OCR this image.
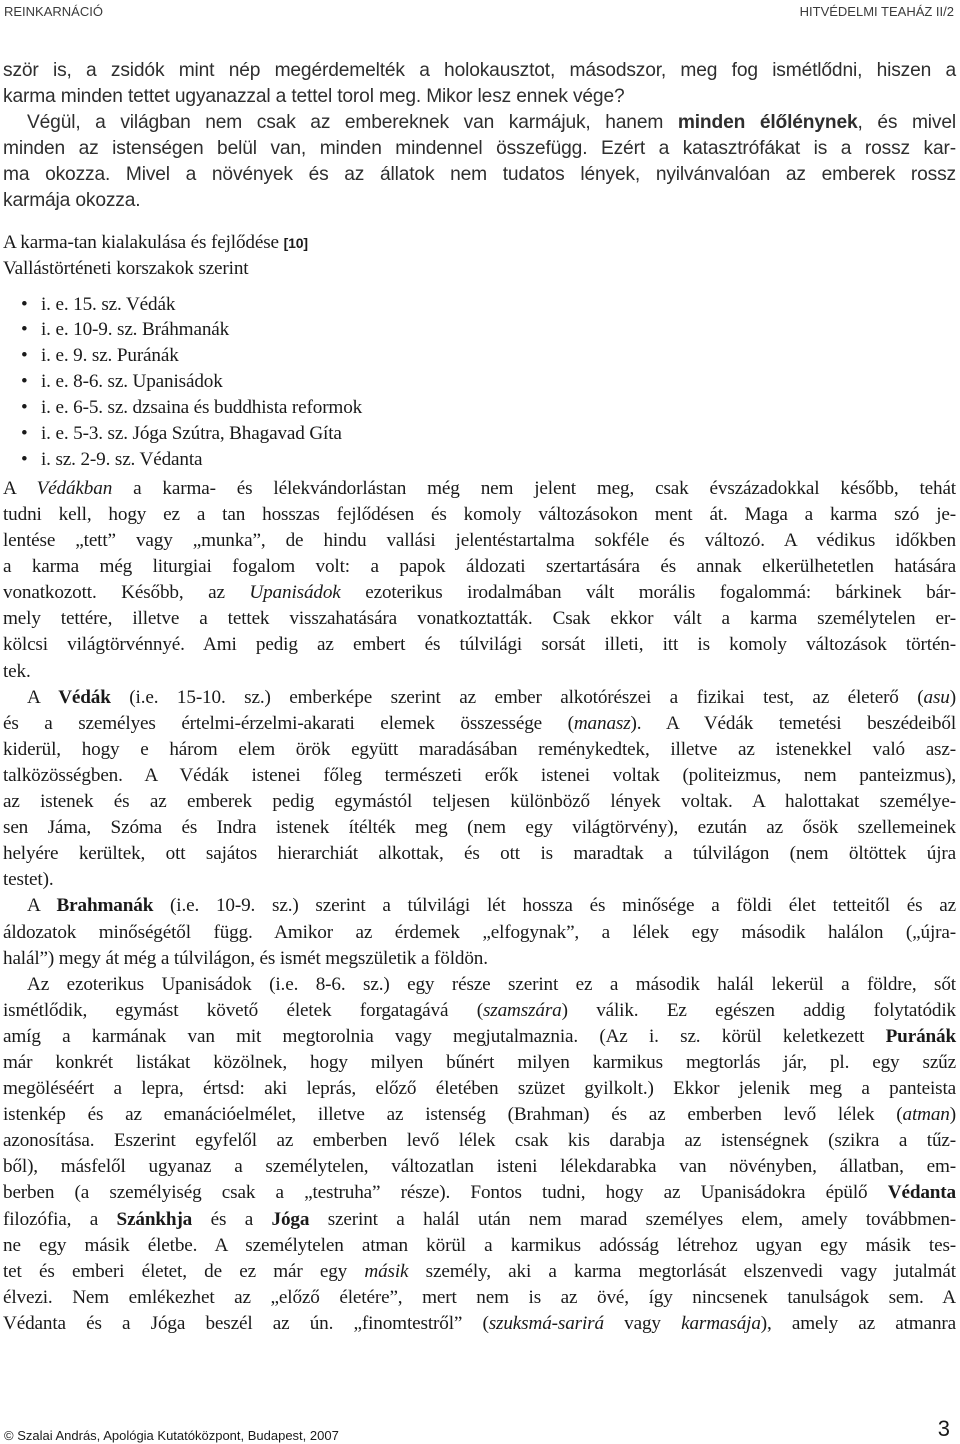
REINKARNÁCIÓ	HITVÉDELMI TEAHÁZ II/2

ször is, a zsidók mint nép megérdemelték a holokausztot, másodszor, meg fog ismétlődni, hiszen a

karma minden tettet ugyanazzal a tettel torol meg. Mikor lesz ennek vége?

Végül, a világban nem csak az embereknek van karmájuk, hanem minden élőlénynek, és mivel

minden az istenségen belül van, minden mindennel összefügg. Ezért a katasztrófákat is a rossz kar-

ma okozza. Mivel a növények és az állatok nem tudatos lények, nyilvánvalóan az emberek rossz

karmája okozza.

A karma-tan kialakulása és fejlődése [10]

Vallástörténeti korszakok szerint

• i. e. 15. sz. Védák
• i. e. 10-9. sz. Bráhmanák
• i. e. 9. sz. Puránák
• i. e. 8-6. sz. Upanisádok
• i. e. 6-5. sz. dzsaina és buddhista reformok
• i. e. 5-3. sz. Jóga Szútra, Bhagavad Gíta
• i. sz. 2-9. sz. Védanta

A Védákban a karma- és lélekvándorlástan még nem jelent meg, csak évszázadokkal később, tehát

tudni kell, hogy ez a tan hosszas fejlődésen és komoly változásokon ment át. Maga a karma szó je-

lentése „tett” vagy „munka”, de hindu vallási jelentéstartalma sokféle és változó. A védikus időkben

a karma még liturgiai fogalom volt: a papok áldozati szertartására és annak elkerülhetetlen hatására

vonatkozott. Később, az Upanisádok ezoterikus irodalmában vált morális fogalommá: bárkinek bár-

mely tettére, illetve a tettek visszahatására vonatkoztatták. Csak ekkor vált a karma személytelen er-

kölcsi világtörvénnyé. Ami pedig az embert és túlvilági sorsát illeti, itt is komoly változások történ-

tek.

A Védák (i.e. 15-10. sz.) emberképe szerint az ember alkotórészei a fizikai test, az életerő (asu)

és a személyes értelmi-érzelmi-akarati elemek összessége (manasz). A Védák temetési beszédeiből

kiderül, hogy e három elem örök együtt maradásában reménykedtek, illetve az istenekkel való asz-

talközösségben. A Védák istenei főleg természeti erők istenei voltak (politeizmus, nem panteizmus),

az istenek és az emberek pedig egymástól teljesen különböző lények voltak. A halottakat személye-

sen Jáma, Szóma és Indra istenek ítélték meg (nem egy világtörvény), ezután az ősök szellemeinek

helyére kerültek, ott sajátos hierarchiát alkottak, és ott is maradtak a túlvilágon (nem öltöttek újra

testet).

A Brahmanák (i.e. 10-9. sz.) szerint a túlvilági lét hossza és minősége a földi élet tetteitől és az

áldozatok minőségétől függ. Amikor az érdemek „elfogynak”, a lélek egy második halálon („újra-

halál”) megy át még a túlvilágon, és ismét megszületik a földön.

Az ezoterikus Upanisádok (i.e. 8-6. sz.) egy része szerint ez a második halál lekerül a földre, sőt

ismétlődik, egymást követő életek forgatagává (szamszára) válik. Ez egészen addig folytatódik

amíg a karmának van mit megtorolnia vagy megjutalmaznia. (Az i. sz. körül keletkezett Puránák

már konkrét listákat közölnek, hogy milyen bűnért milyen karmikus megtorlás jár, pl. egy szűz

megöléséért a lepra, értsd: aki leprás, előző életében szüzet gyilkolt.) Ekkor jelenik meg a panteista

istenkép és az emanációelmélet, illetve az istenség (Brahman) és az emberben levő lélek (atman)

azonosítása. Eszerint egyfelől az emberben levő lélek csak kis darabja az istenségnek (szikra a tűz-

ből), másfelől ugyanaz a személytelen, változatlan isteni lélekdarabka van növényben, állatban, em-

berben (a személyiség csak a „testruha” része). Fontos tudni, hogy az Upanisádokra épülő Védanta

filozófia, a Szánkhja és a Jóga szerint a halál után nem marad személyes elem, amely továbbmen-

ne egy másik életbe. A személytelen atman körül a karmikus adósság létrehoz ugyan egy másik tes-

tet és emberi életet, de ez már egy másik személy, aki a karma megtorlását elszenvedi vagy jutalmát

élvezi. Nem emlékezhet az „előző életére”, mert nem is az övé, így nincsenek tanulságok sem. A

Védanta és a Jóga beszél az ún. „finomtestről” (szuksmá-sarirá vagy karmasája), amely az atmanra

© Szalai András, Apológia Kutatóközpont, Budapest, 2007	3
